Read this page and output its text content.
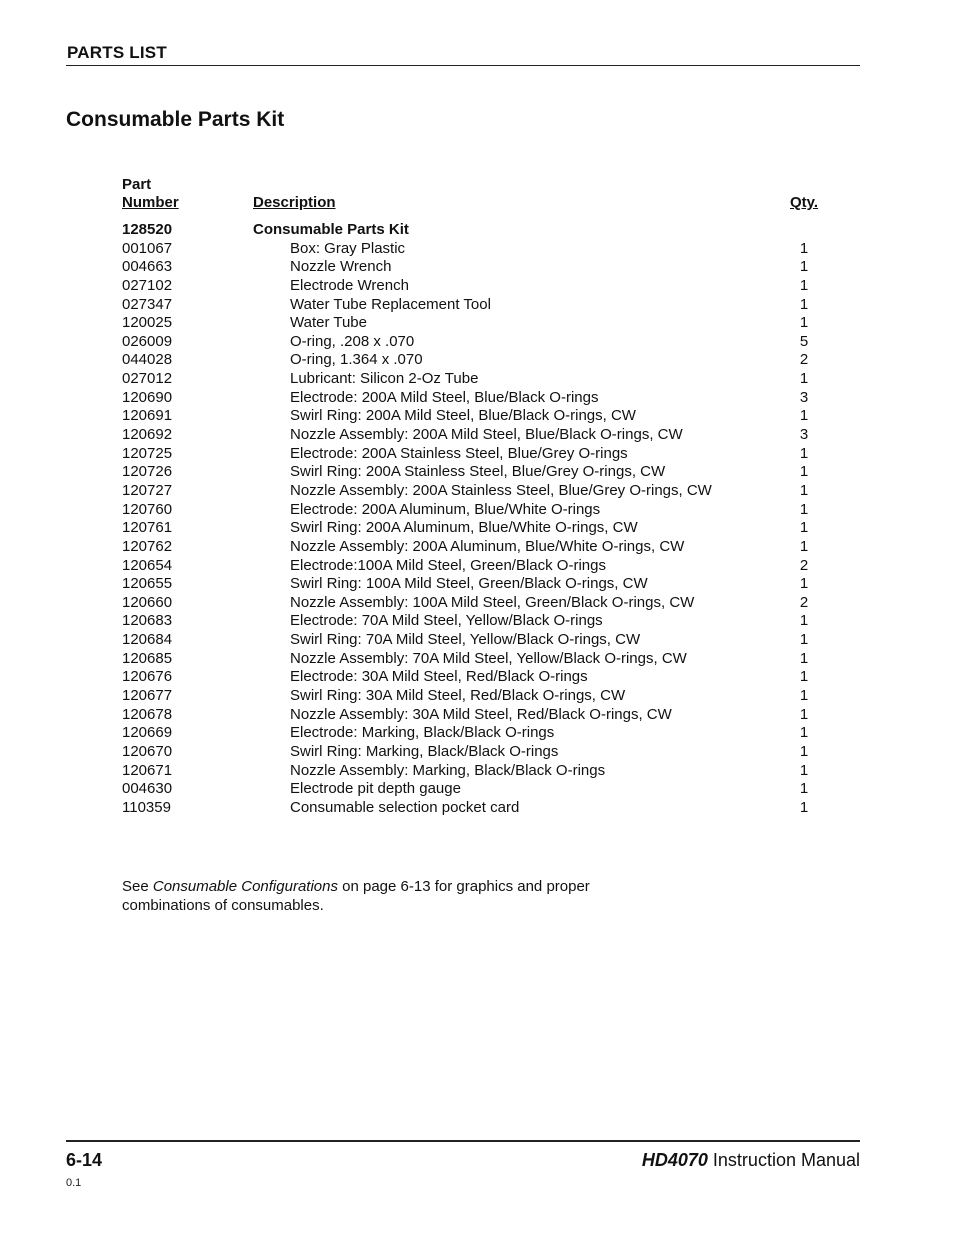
PARTS LIST
Consumable Parts Kit
Part
Number	Description	Qty.
128520	Consumable Parts Kit
001067	Box: Gray Plastic	1
004663	Nozzle Wrench	1
027102	Electrode Wrench	1
027347	Water Tube Replacement Tool	1
120025	Water Tube	1
026009	O-ring, .208 x .070	5
044028	O-ring, 1.364 x .070	2
027012	Lubricant: Silicon 2-Oz Tube	1
120690	Electrode: 200A Mild Steel, Blue/Black O-rings	3
120691	Swirl Ring: 200A Mild Steel, Blue/Black O-rings, CW	1
120692	Nozzle Assembly: 200A Mild Steel, Blue/Black O-rings, CW	3
120725	Electrode: 200A Stainless Steel, Blue/Grey O-rings	1
120726	Swirl Ring: 200A Stainless Steel, Blue/Grey O-rings, CW	1
120727	Nozzle Assembly: 200A Stainless Steel, Blue/Grey O-rings, CW	1
120760	Electrode: 200A Aluminum, Blue/White O-rings	1
120761	Swirl Ring: 200A Aluminum, Blue/White O-rings, CW	1
120762	Nozzle Assembly: 200A Aluminum, Blue/White O-rings, CW	1
120654	Electrode:100A Mild Steel, Green/Black O-rings	2
120655	Swirl Ring: 100A Mild Steel, Green/Black O-rings, CW	1
120660	Nozzle Assembly: 100A Mild Steel, Green/Black O-rings, CW	2
120683	Electrode: 70A Mild Steel, Yellow/Black O-rings	1
120684	Swirl Ring: 70A Mild Steel, Yellow/Black O-rings, CW	1
120685	Nozzle Assembly: 70A Mild Steel, Yellow/Black O-rings, CW	1
120676	Electrode: 30A Mild Steel, Red/Black O-rings	1
120677	Swirl Ring: 30A Mild Steel, Red/Black O-rings, CW	1
120678	Nozzle Assembly: 30A Mild Steel, Red/Black O-rings, CW	1
120669	Electrode: Marking, Black/Black O-rings	1
120670	Swirl Ring: Marking, Black/Black O-rings	1
120671	Nozzle Assembly: Marking, Black/Black O-rings	1
004630	Electrode pit depth gauge	1
110359	Consumable selection pocket card	1
See Consumable Configurations on page 6-13 for graphics and proper combinations of consumables.
6-14	HD4070 Instruction Manual
0.1
